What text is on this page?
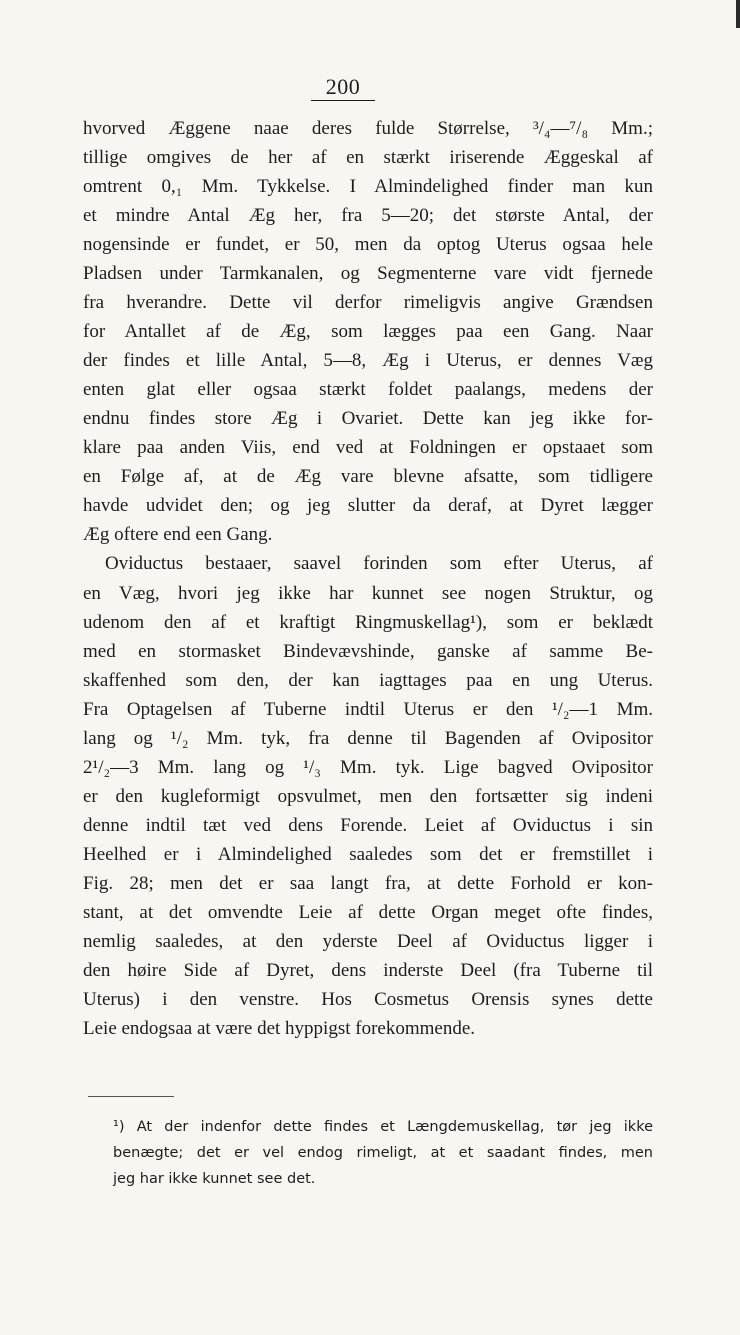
200
hvorved Æggene naae deres fulde Størrelse, ³/₄—⁷/₈ Mm.;
tillige omgives de her af en stærkt iriserende Æggeskal af
omtrent 0,₁ Mm. Tykkelse. I Almindelighed finder man kun
et mindre Antal Æg her, fra 5—20; det største Antal, der
nogensinde er fundet, er 50, men da optog Uterus ogsaa hele
Pladsen under Tarmkanalen, og Segmenterne vare vidt fjernede
fra hverandre. Dette vil derfor rimeligvis angive Grændsen
for Antallet af de Æg, som lægges paa een Gang. Naar
der findes et lille Antal, 5—8, Æg i Uterus, er dennes Væg
enten glat eller ogsaa stærkt foldet paalangs, medens der
endnu findes store Æg i Ovariet. Dette kan jeg ikke for-
klare paa anden Viis, end ved at Foldningen er opstaaet som
en Følge af, at de Æg vare blevne afsatte, som tidligere
havde udvidet den; og jeg slutter da deraf, at Dyret lægger
Æg oftere end een Gang.
Oviductus bestaaer, saavel forinden som efter Uterus, af
en Væg, hvori jeg ikke har kunnet see nogen Struktur, og
udenom den af et kraftigt Ringmuskellag¹), som er beklædt
med en stormasket Bindevævshinde, ganske af samme Be-
skaffenhed som den, der kan iagttages paa en ung Uterus.
Fra Optagelsen af Tuberne indtil Uterus er den ¹/₂—1 Mm.
lang og ¹/₂ Mm. tyk, fra denne til Bagenden af Ovipositor
2¹/₂—3 Mm. lang og ¹/₃ Mm. tyk. Lige bagved Ovipositor
er den kugleformigt opsvulmet, men den fortsætter sig indeni
denne indtil tæt ved dens Forende. Leiet af Oviductus i sin
Heelhed er i Almindelighed saaledes som det er fremstillet i
Fig. 28; men det er saa langt fra, at dette Forhold er kon-
stant, at det omvendte Leie af dette Organ meget ofte findes,
nemlig saaledes, at den yderste Deel af Oviductus ligger i
den høire Side af Dyret, dens inderste Deel (fra Tuberne til
Uterus) i den venstre. Hos Cosmetus Orensis synes dette
Leie endogsaa at være det hyppigst forekommende.
¹) At der indenfor dette findes et Længdemuskellag, tør jeg ikke
benægte; det er vel endog rimeligt, at et saadant findes, men
jeg har ikke kunnet see det.
